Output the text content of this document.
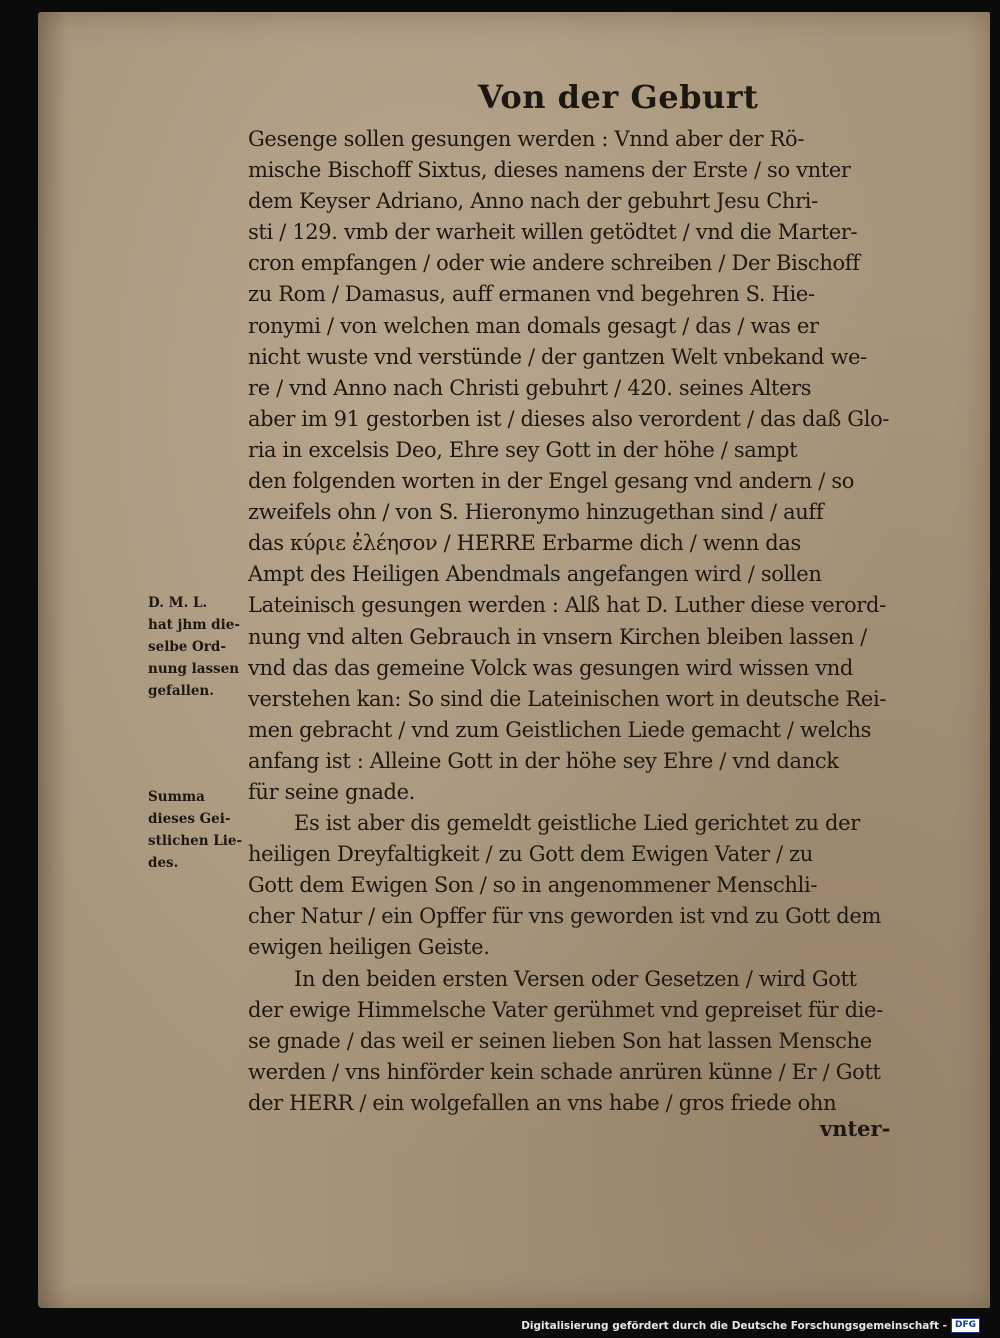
Von der Geburt
Gesenge sollen gesungen werden : Vnnd aber der Rö-
mische Bischoff Sixtus, dieses namens der Erste / so vnter
dem Keyser Adriano, Anno nach der gebuhrt Jesu Chri-
sti / 129. vmb der warheit willen getödtet / vnd die Marter-
cron empfangen / oder wie andere schreiben / Der Bischoff
zu Rom / Damasus, auff ermanen vnd begehren S. Hie-
ronymi / von welchen man domals gesagt / das / was er
nicht wuste vnd verstünde / der gantzen Welt vnbekand we-
re / vnd Anno nach Christi gebuhrt / 420. seines Alters
aber im 91 gestorben ist / dieses also verordent / das daß Glo-
ria in excelsis Deo, Ehre sey Gott in der höhe / sampt
den folgenden worten in der Engel gesang vnd andern / so
zweifels ohn / von S. Hieronymo hinzugethan sind / auff
das κύριε ἐλέησον / HERRE Erbarme dich / wenn das
Ampt des Heiligen Abendmals angefangen wird / sollen
Lateinisch gesungen werden : Alß hat D. Luther diese verord-
nung vnd alten Gebrauch in vnsern Kirchen bleiben lassen /
vnd das das gemeine Volck was gesungen wird wissen vnd
verstehen kan: So sind die Lateinischen wort in deutsche Rei-
men gebracht / vnd zum Geistlichen Liede gemacht / welchs
anfang ist : Alleine Gott in der höhe sey Ehre / vnd danck
für seine gnade.
Es ist aber dis gemeldt geistliche Lied gerichtet zu der
heiligen Dreyfaltigkeit / zu Gott dem Ewigen Vater / zu
Gott dem Ewigen Son / so in angenommener Menschli-
cher Natur / ein Opffer für vns geworden ist vnd zu Gott dem
ewigen heiligen Geiste.
In den beiden ersten Versen oder Gesetzen / wird Gott
der ewige Himmelsche Vater gerühmet vnd gepreiset für die-
se gnade / das weil er seinen lieben Son hat lassen Mensche
werden / vns hinförder kein schade anrüren künne / Er / Gott
der HERR / ein wolgefallen an vns habe / gros friede ohn
vnter-
D. M. L.
hat jhm die-
selbe Ord-
nung lassen
gefallen.
Summa
dieses Gei-
stlichen Lie-
des.
Digitalisierung gefördert durch die Deutsche Forschungsgemeinschaft - DFG
